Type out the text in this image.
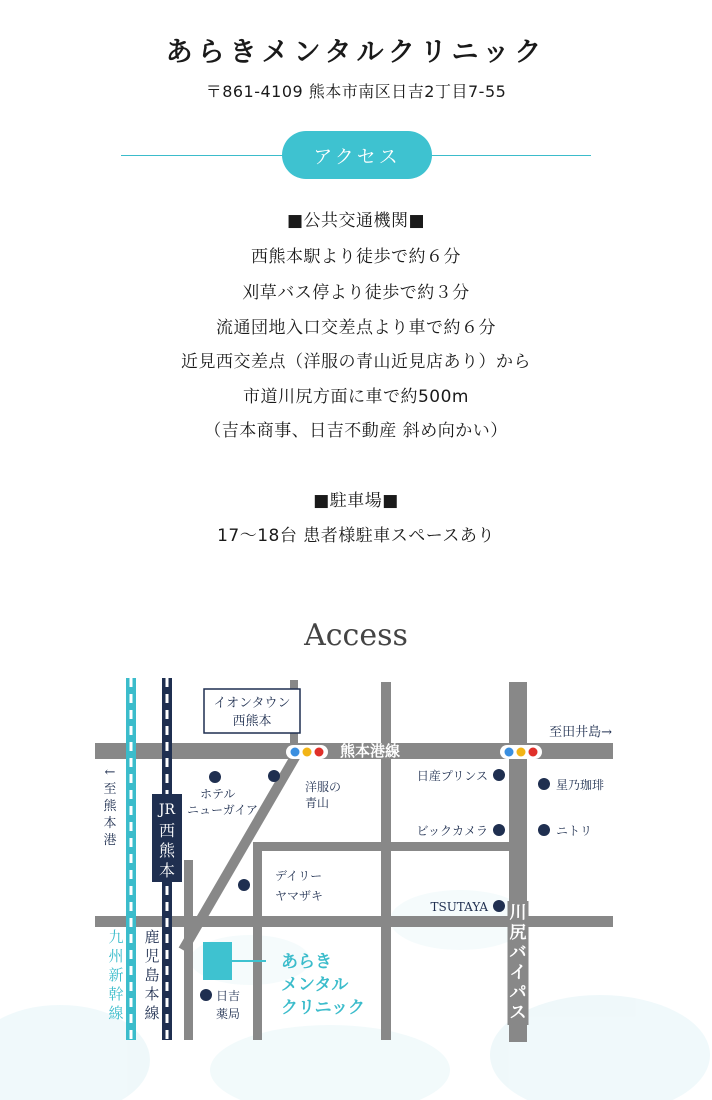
あらきメンタルクリニック
〒861-4109 熊本市南区日吉2丁目7-55
アクセス
■公共交通機関■
西熊本駅より徒歩で約６分
刈草バス停より徒歩で約３分
流通団地入口交差点より車で約６分
近見西交差点（洋服の青山近見店あり）から
市道川尻方面に車で約500m
（吉本商事、日吉不動産 斜め向かい）
■駐車場■
17〜18台 患者様駐車スペースあり
Access
JR
西
熊
本
イオンタウン
西熊本
熊本港線
至田井島→
ホテル
ニューガイア
洋服の
青山
日産プリンス
星乃珈琲
ビックカメラ	ニトリ
デイリー
ヤマザキ
TSUTAYA
日吉
薬局
あらき
メンタル
クリニック
川
尻
バ
イ
パ
ス
九
州
新
幹
線
鹿
児
島
本
線
←
至
熊
本
港
